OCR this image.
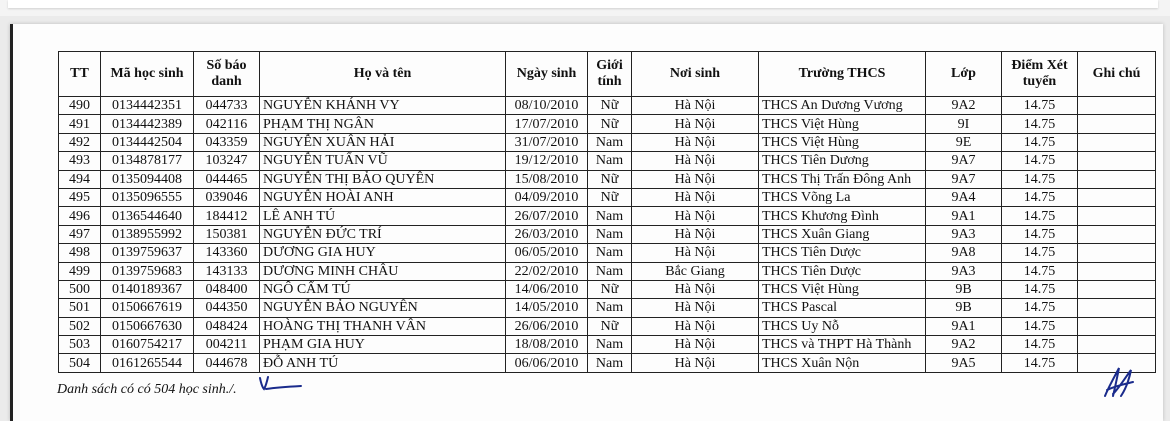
TT	Mã học sinh	Số báo danh	Họ và tên	Ngày sinh	Giới tính	Nơi sinh	Trường THCS	Lớp	Điểm Xét tuyển	Ghi chú
490	0134442351	044733	NGUYỄN KHÁNH VY	08/10/2010	Nữ	Hà Nội	THCS An Dương Vương	9A2	14.75	
491	0134442389	042116	PHẠM THỊ NGÂN	17/07/2010	Nữ	Hà Nội	THCS Việt Hùng	9I	14.75	
492	0134442504	043359	NGUYỄN XUÂN HẢI	31/07/2010	Nam	Hà Nội	THCS Việt Hùng	9E	14.75	
493	0134878177	103247	NGUYỄN TUẤN VŨ	19/12/2010	Nam	Hà Nội	THCS Tiên Dương	9A7	14.75	
494	0135094408	044465	NGUYỄN THỊ BẢO QUYÊN	15/08/2010	Nữ	Hà Nội	THCS Thị Trấn Đông Anh	9A7	14.75	
495	0135096555	039046	NGUYỄN HOÀI ANH	04/09/2010	Nữ	Hà Nội	THCS Võng La	9A4	14.75	
496	0136544640	184412	LÊ ANH TÚ	26/07/2010	Nam	Hà Nội	THCS Khương Đình	9A1	14.75	
497	0138955992	150381	NGUYỄN ĐỨC TRÍ	26/03/2010	Nam	Hà Nội	THCS Xuân Giang	9A3	14.75	
498	0139759637	143360	DƯƠNG GIA HUY	06/05/2010	Nam	Hà Nội	THCS Tiên Dược	9A8	14.75	
499	0139759683	143133	DƯƠNG MINH CHÂU	22/02/2010	Nam	Bắc Giang	THCS Tiên Dược	9A3	14.75	
500	0140189367	048400	NGÔ CẨM TÚ	14/06/2010	Nữ	Hà Nội	THCS Việt Hùng	9B	14.75	
501	0150667619	044350	NGUYỄN BẢO NGUYÊN	14/05/2010	Nam	Hà Nội	THCS Pascal	9B	14.75	
502	0150667630	048424	HOÀNG THỊ THANH VÂN	26/06/2010	Nữ	Hà Nội	THCS Uy Nỗ	9A1	14.75	
503	0160754217	004211	PHẠM GIA HUY	18/08/2010	Nam	Hà Nội	THCS và THPT Hà Thành	9A2	14.75	
504	0161265544	044678	ĐỖ ANH TÚ	06/06/2010	Nam	Hà Nội	THCS Xuân Nộn	9A5	14.75	
Danh sách có có 504 học sinh./.
